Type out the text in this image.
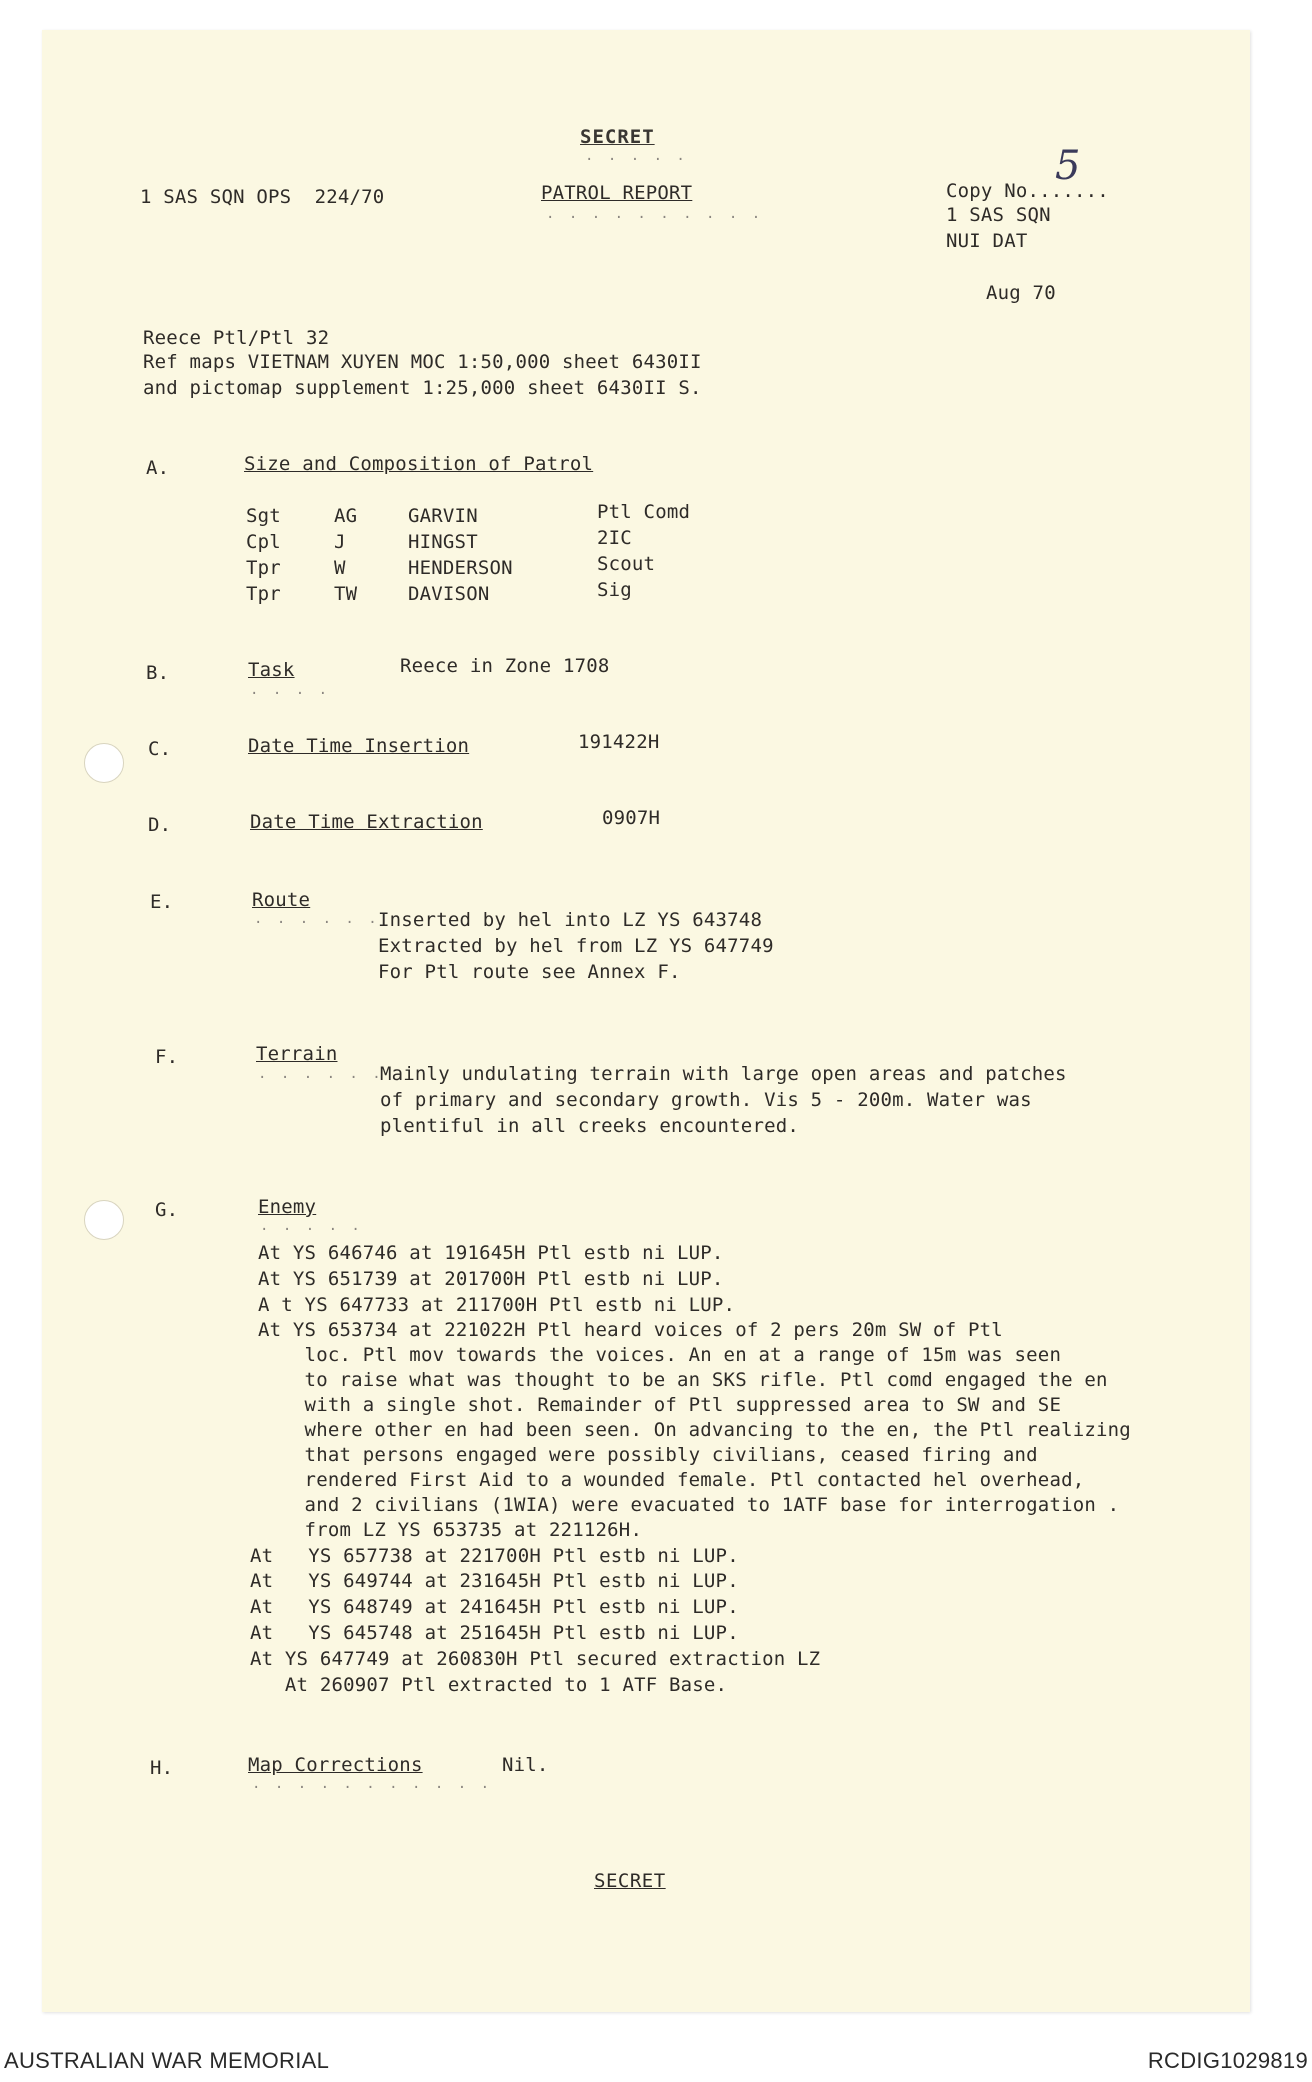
SECRET
· · · · ·
1 SAS SQN OPS  224/70	PATROL REPORT
· · · · · · · · · ·
Copy No.......
5
1 SAS SQN
NUI DAT
Aug 70
Reece Ptl/Ptl 32
Ref maps VIETNAM XUYEN MOC 1:50,000 sheet 6430II
and pictomap supplement 1:25,000 sheet 6430II S.
A.	Size and Composition of Patrol
Sgt	AG	GARVIN	Ptl Comd
Cpl	J	HINGST	2IC
Tpr	W	HENDERSON	Scout
Tpr	TW	DAVISON	Sig
B.	Task
· · · ·
Reece in Zone 1708
C.	Date Time Insertion	191422H
D.	Date Time Extraction	0907H
E.	Route
· · · · · ·
Inserted by hel into LZ YS 643748
Extracted by hel from LZ YS 647749
For Ptl route see Annex F.
F.	Terrain
· · · · · ·
Mainly undulating terrain with large open areas and patches
of primary and secondary growth. Vis 5 - 200m. Water was
plentiful in all creeks encountered.
G.	Enemy
· · · · ·
At YS 646746 at 191645H Ptl estb ni LUP.
At YS 651739 at 201700H Ptl estb ni LUP.
A t YS 647733 at 211700H Ptl estb ni LUP.
At YS 653734 at 221022H Ptl heard voices of 2 pers 20m SW of Ptl
loc. Ptl mov towards the voices. An en at a range of 15m was seen
to raise what was thought to be an SKS rifle. Ptl comd engaged the en
with a single shot. Remainder of Ptl suppressed area to SW and SE
where other en had been seen. On advancing to the en, the Ptl realizing
that persons engaged were possibly civilians, ceased firing and
rendered First Aid to a wounded female. Ptl contacted hel overhead,
and 2 civilians (1WIA) were evacuated to 1ATF base for interrogation .
from LZ YS 653735 at 221126H.
At   YS 657738 at 221700H Ptl estb ni LUP.
At   YS 649744 at 231645H Ptl estb ni LUP.
At   YS 648749 at 241645H Ptl estb ni LUP.
At   YS 645748 at 251645H Ptl estb ni LUP.
At YS 647749 at 260830H Ptl secured extraction LZ
At 260907 Ptl extracted to 1 ATF Base.
H.	Map Corrections
· · · · · · · · · · ·
Nil.
SECRET
AUSTRALIAN WAR MEMORIAL	RCDIG1029819
